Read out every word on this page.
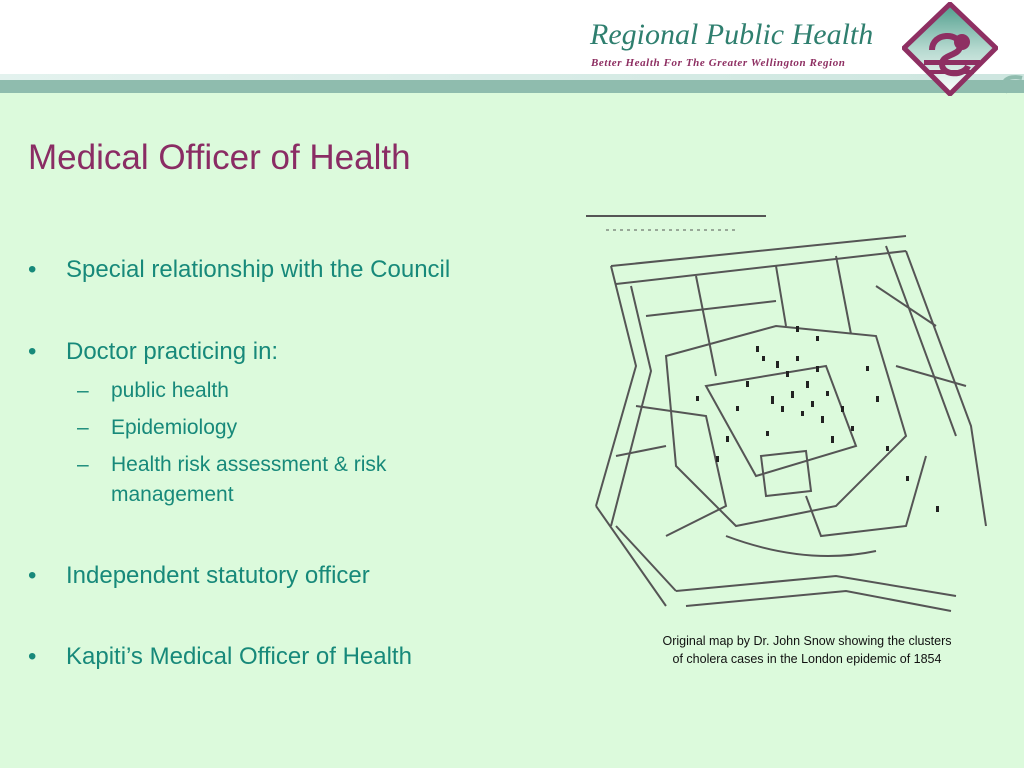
Regional Public Health
Better Health For The Greater Wellington Region
Medical Officer of Health
• Special relationship with the Council
• Doctor practicing in:
– public health
– Epidemiology
– Health risk assessment & risk management
• Independent statutory officer
• Kapiti’s Medical Officer of Health
Original map by Dr. John Snow showing the clusters
of cholera cases in the London epidemic of 1854
